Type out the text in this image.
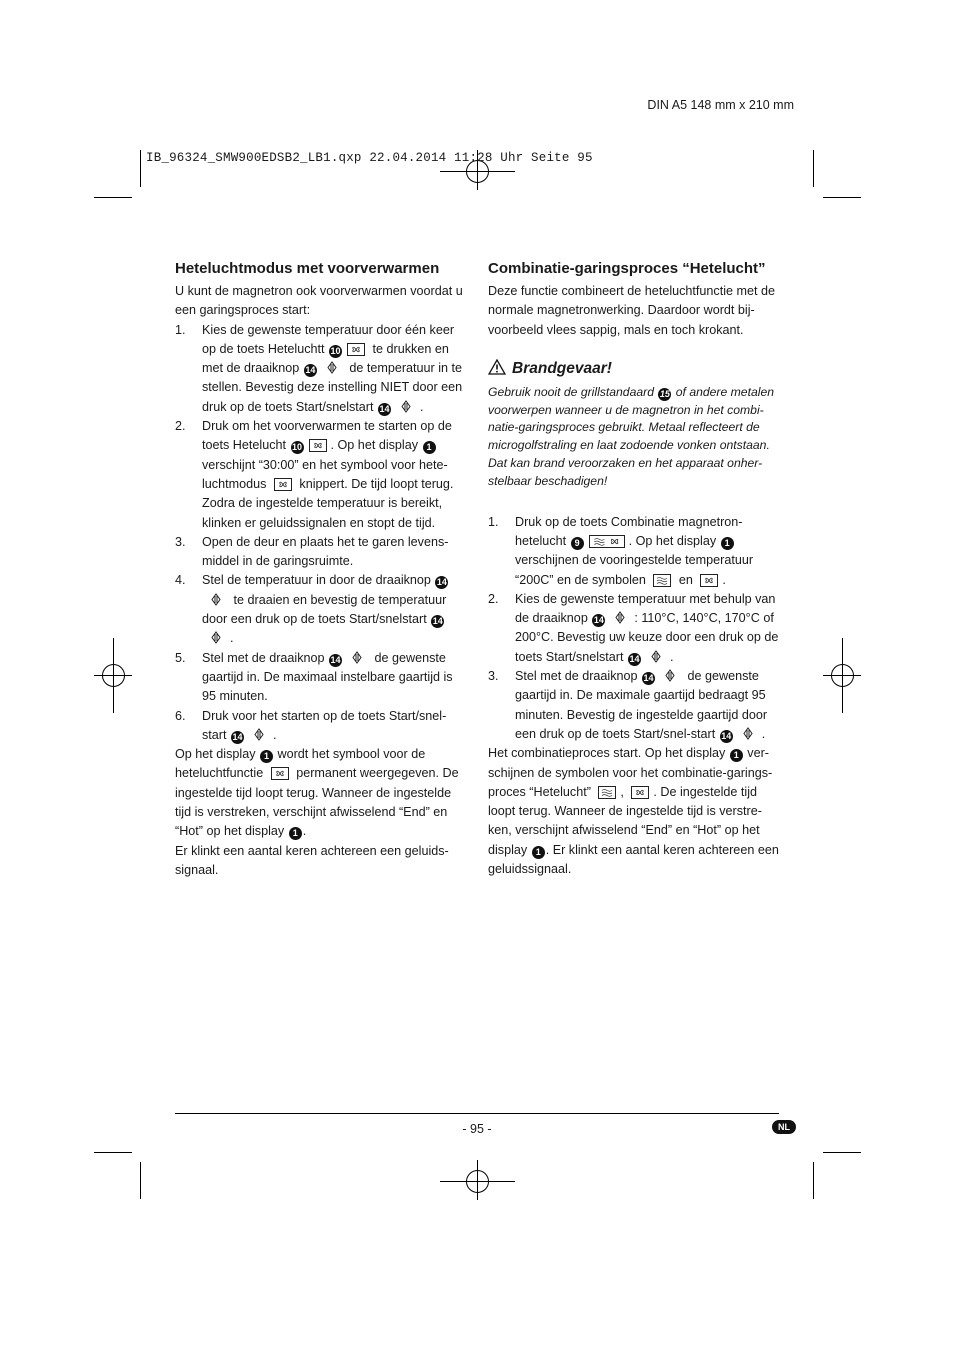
DIN A5 148 mm x 210 mm
IB_96324_SMW900EDSB2_LB1.qxp 22.04.2014 11:28 Uhr Seite 95
Heteluchtmodus met voorverwarmen

U kunt de magnetron ook voorverwarmen voordat u een garingsproces start:

1. Kies de gewenste temperatuur door één keer op de toets Heteluchtt 10	te drukken en met de draaiknop 14	de temperatuur in te stellen. Bevestig deze instelling NIET door een druk op de toets Start/snelstart 14 .
2. Druk om het voorverwarmen te starten op de toets Hetelucht 10 . Op het display 1 verschijnt “30:00” en het symbool voor hete-luchtmodus	knippert. De tijd loopt terug. Zodra de ingestelde temperatuur is bereikt, klinken er geluidssignalen en stopt de tijd.
3. Open de deur en plaats het te garen levens-middel in de garingsruimte.
4. Stel de temperatuur in door de draaiknop 14 te draaien en bevestig de temperatuur door een druk op de toets Start/snelstart 14.
5. Stel met de draaiknop 14	de gewenste gaartijd in. De maximaal instelbare gaartijd is 95 minuten.
6. Druk voor het starten op de toets Start/snel-start 14 .

Op het display 1 wordt het symbool voor de heteluchtfunctie	permanent weergegeven. De ingestelde tijd loopt terug. Wanneer de ingestelde tijd is verstreken, verschijnt afwisselend “End” en “Hot” op het display 1 .

Er klinkt een aantal keren achtereen een geluids-signaal.

Combinatie-garingsproces “Hetelucht”

Deze functie combineert de heteluchtfunctie met de normale magnetronwerking. Daardoor wordt bij-voorbeeld vlees sappig, mals en toch krokant.

Brandgevaar!

Gebruik nooit de grillstandaard 15 of andere metalen voorwerpen wanneer u de magnetron in het combi-natie-garingsproces gebruikt. Metaal reflecteert de microgolfstraling en laat zodoende vonken ontstaan. Dat kan brand veroorzaken en het apparaat onher-stelbaar beschadigen!

1. Druk op de toets Combinatie magnetron-hetelucht 9	. Op het display 1 verschijnen de vooringestelde temperatuur “200C” en de symbolen	en .
2. Kies de gewenste temperatuur met behulp van de draaiknop 14 : 110°C, 140°C, 170°C of 200°C. Bevestig uw keuze door een druk op de toets Start/snelstart 14 .
3. Stel met de draaiknop 14	de gewenste gaartijd in. De maximale gaartijd bedraagt 95 minuten. Bevestig de ingestelde gaartijd door een druk op de toets Start/snel-start 14 .

Het combinatieproces start. Op het display 1 ver-schijnen de symbolen voor het combinatie-garings-proces “Hetelucht” , . De ingestelde tijd loopt terug. Wanneer de ingestelde tijd is verstre-ken, verschijnt afwisselend “End” en “Hot” op het display 1 . Er klinkt een aantal keren achtereen een geluidssignaal.

- 95 -	NL
